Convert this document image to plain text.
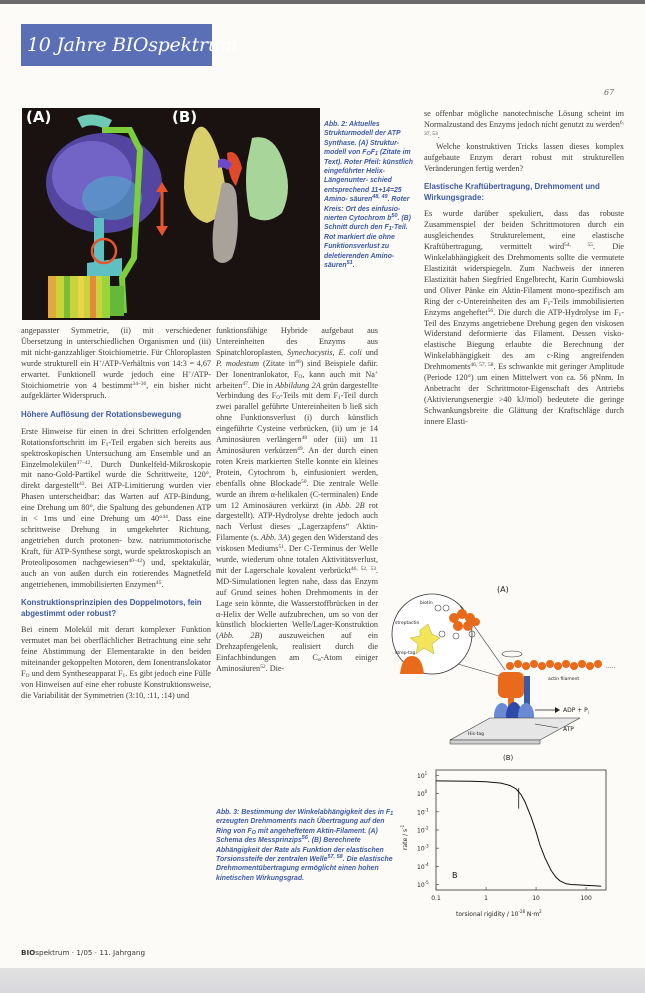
10 Jahre BIOspektrum
67
(A)	(B)	Abb. 2: Aktuelles Strukturmodell der ATP Synthase. (A) Struktur- modell von $F_OF_1$ (Zitate im Text). Roter Pfeil: künstlich eingeführter Helix-Längenunter- schied entsprechend 11+14=25 Amino- säuren$^{48, 49}$. Roter Kreis: Ort des einfusio- nierten Cytochrom $b^{50}$. (B) Schnitt durch den $F_1$-Teil. Rot markiert die ohne Funktionsverlust zu deletierenden Amino- säuren$^{51}$.

angepasster Symmetrie, (ii) mit verschiedener Übersetzung in unterschiedlichen Organismen und (iii) mit nicht-ganzzahliger Stoichiometrie. Für Chloroplasten wurde strukturell ein H+/ATP-Verhältnis von 14:3 = 4,67 erwartet. Funktionell wurde jedoch eine H+/ATP-Stoichiometrie von 4 bestimmt$^{34-36}$, ein bisher nicht aufgeklärter Widerspruch.

Höhere Auflösung der Rotationsbewegung

Erste Hinweise für einen in drei Schritten erfolgenden Rotationsfortschritt im $F_1$-Teil ergaben sich bereits aus spektroskopischen Untersuchung am Ensemble und an Einzelmolekülen$^{37-42}$. Durch Dunkelfeld-Mikroskopie mit nano-Gold-Partikel wurde die Schrittweite, 120°, direkt dargestellt$^{43}$. Bei ATP-Limitierung wurden vier Phasen unterscheidbar: das Warten auf ATP-Bindung, eine Drehung um 80°, die Spaltung des gebundenen ATP in < 1ms und eine Drehung um 40°$^{44}$. Dass eine schrittweise Drehung in umgekehrter Richtung, angetrieben durch protonen- bzw. natriummotorische Kraft, für ATP-Synthese sorgt, wurde spektroskopisch an Proteoliposomen nachgewiesen$^{40-42}$) und, spektakulär, auch an von außen durch ein rotierendes Magnetfeld angetriebenen, immobilisierten Enzymen$^{45}$.

Konstruktionsprinzipien des Doppelmotors, fein abgestimmt oder robust?

Bei einem Molekül mit derart komplexer Funktion vermutet man bei oberflächlicher Betrachtung eine sehr feine Abstimmung der Elementarakte in den beiden miteinander gekoppelten Motoren, dem Ionentranslokator $F_O$ und dem Syntheseapparat $F_1$. Es gibt jedoch eine Fülle von Hinweisen auf eine eher robuste Konstruktionsweise, die Variabilität der Symmetrien (3:10, :11, :14) und

funktionsfähige Hybride aufgebaut aus Untereinheiten des Enzyms aus Spinatchloroplasten, Synechocystis, E. coli und P. modestum (Zitate $in^{46}$) sind Beispiele dafür. Der Ionentranlokator, $F_O$, kann auch mit Na+ arbeiten$^{47}$. Die in Abbildung 2A grün dargestellte Verbindung des $F_O$-Teils mit dem $F_1$-Teil durch zwei parallel geführte Untereinheiten b ließ sich ohne Funktionsverlust (i) durch künstlich eingeführte Cysteine verbrücken, (ii) um je 14 Aminosäuren verlängern$^{48}$ oder (iii) um 11 Aminosäuren verkürzen$^{49}$. An der durch einen roten Kreis markierten Stelle konnte ein kleines Protein, Cytochrom b, einfusioniert werden, ebenfalls ohne Blockade$^{50}$. Die zentrale Welle wurde an ihrem α-helikalen (C-terminalen) Ende um 12 Aminosäuren verkürzt (in Abb. 2B rot dargestellt). ATP-Hydrolyse drehte jedoch auch nach Verlust dieses „Lagerzapfens“ Aktin-Filamente (s. Abb. 3A) gegen den Widerstand des viskosen Mediums$^{51}$. Der C-Terminus der Welle wurde, wiederum ohne totalen Aktivitätsverlust, mit der Lagerschale kovalent verbrückt$^{46, 52, 53}$. MD-Simulationen legten nahe, dass das Enzym auf Grund seines hohen Drehmoments in der Lage sein könnte, die Wasserstoffbrücken in der α-Helix der Welle aufzubrechen, um so von der künstlich blockierten Welle/Lager-Konstruktion (Abb. 2B) auszuweichen auf ein Drehzapfengelenk, realisiert durch die Einfachbindungen am $C_\alpha$-Atom einiger Aminosäuren$^{52}$. Die-

Abb. 3: Bestimmung der Winkelabhängigkeit des in $F_1$ erzeugten Drehmoments nach Übertragung auf den Ring von $F_O$ mit angeheftetem Aktin-Filament. (A) Schema des Messprinzips$^{56}$. (B) Berechnete Abhängigkeit der Rate als Funktion der elastischen Torsionssteife der zentralen Welle$^{57, 58}$. Die elastische Drehmomentübertragung ermöglicht einen hohen kinetischen Wirkungsgrad.

se offenbar mögliche nanotechnische Lösung scheint im Normalzustand des Enzyms jedoch nicht genutzt zu werden$^{6, 37, 53}$.

Welche konstruktiven Tricks lassen dieses komplex aufgebaute Enzym derart robust mit strukturellen Veränderungen fertig werden?

Elastische Kraftübertragung, Drehmoment und Wirkungsgrade:

Es wurde darüber spekuliert, dass das robuste Zusammenspiel der beiden Schrittmotoren durch ein ausgleichendes Strukturelement, eine elastische Kraftübertragung, vermittelt wird$^{54, 55}$. Die Winkelabhängigkeit des Drehmoments sollte die vermutete Elastizität widerspiegeln. Zum Nachweis der inneren Elastizität haben Siegfried Engelbrecht, Karin Gumbiowski und Oliver Pänke ein Aktin-Filament mono-spezifisch am Ring der c-Untereinheiten des am $F_1$-Teils immobilisierten Enzyms angeheftet$^{56}$. Die durch die ATP-Hydrolyse im $F_1$-Teil des Enzyms angetriebene Drehung gegen den viskosen Widerstand deformierte das Filament. Dessen visko-elastische Biegung erlaubte die Berechnung der Winkelabhängigkeit des am c-Ring angreifenden Drehmoments$^{46, 57, 58}$. Es schwankte mit geringer Amplitude (Periode 120°) um einen Mittelwert von ca. 56 pNnm. In Anbetracht der Schrittmotor-Eigenschaft des Antriebs (Aktivierungsenergie >40 kJ/mol) bedeutete die geringe Schwankungsbreite die Glättung der Kraftschläge durch innere Elasti-

(A)
biotin
streptactin
strep-tag
.....
actin filament
ADP + $P_i$
ATP
His-tag
(B)
$10^1$
$10^0$
$10^{-1}$
$10^{-2}$
$10^{-3}$
$10^{-4}$
$10^{-5}$
0.1	1	10	100
B
torsional rigidity / $10^{-28}$ $N\cdot m^2$
rate / $s^{-1}$
BIOspektrum · 1/05 · 11. Jahrgang
